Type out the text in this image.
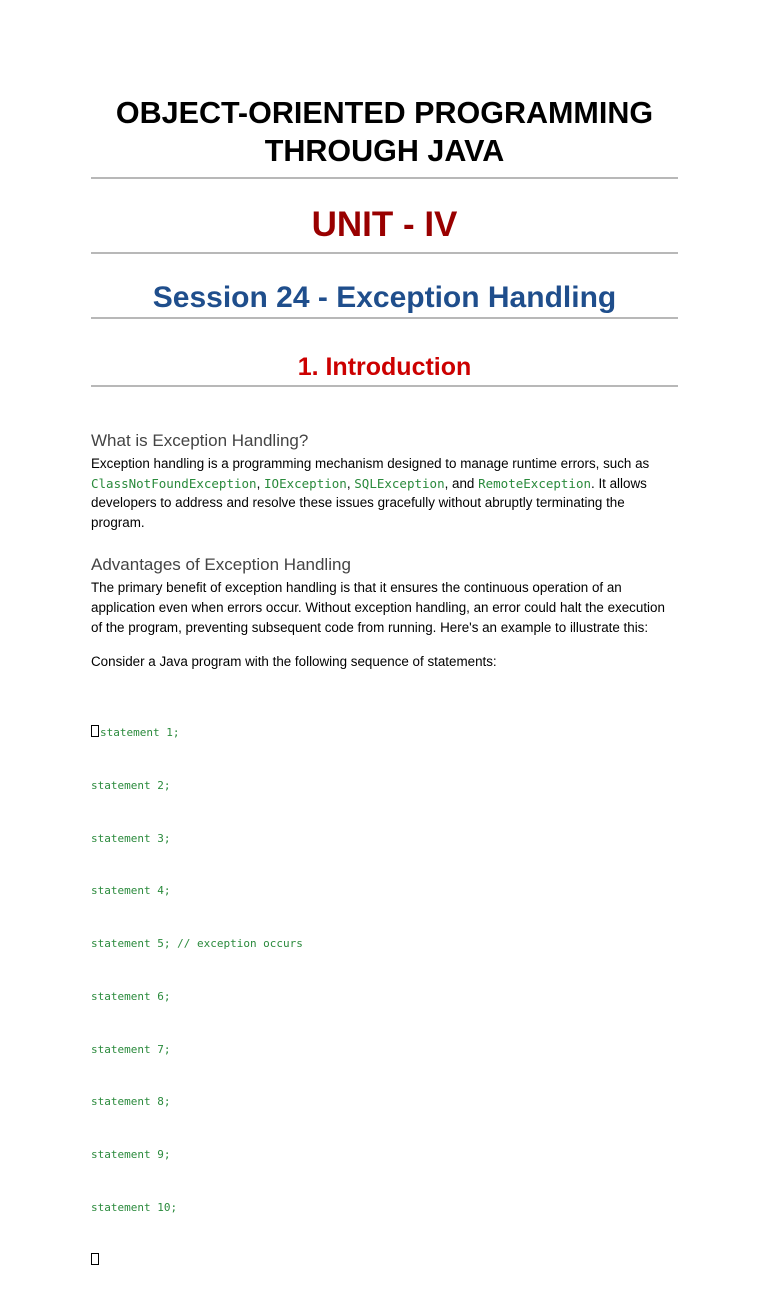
OBJECT-ORIENTED PROGRAMMING
THROUGH JAVA
UNIT - IV
Session 24 - Exception Handling
1. Introduction
What is Exception Handling?

Exception handling is a programming mechanism designed to manage runtime errors, such as ClassNotFoundException, IOException, SQLException, and RemoteException. It allows developers to address and resolve these issues gracefully without abruptly terminating the program.

Advantages of Exception Handling

The primary benefit of exception handling is that it ensures the continuous operation of an application even when errors occur. Without exception handling, an error could halt the execution of the program, preventing subsequent code from running. Here's an example to illustrate this:

Consider a Java program with the following sequence of statements:

statement 1;

statement 2;

statement 3;

statement 4;

statement 5; // exception occurs

statement 6;

statement 7;

statement 8;

statement 9;

statement 10;
